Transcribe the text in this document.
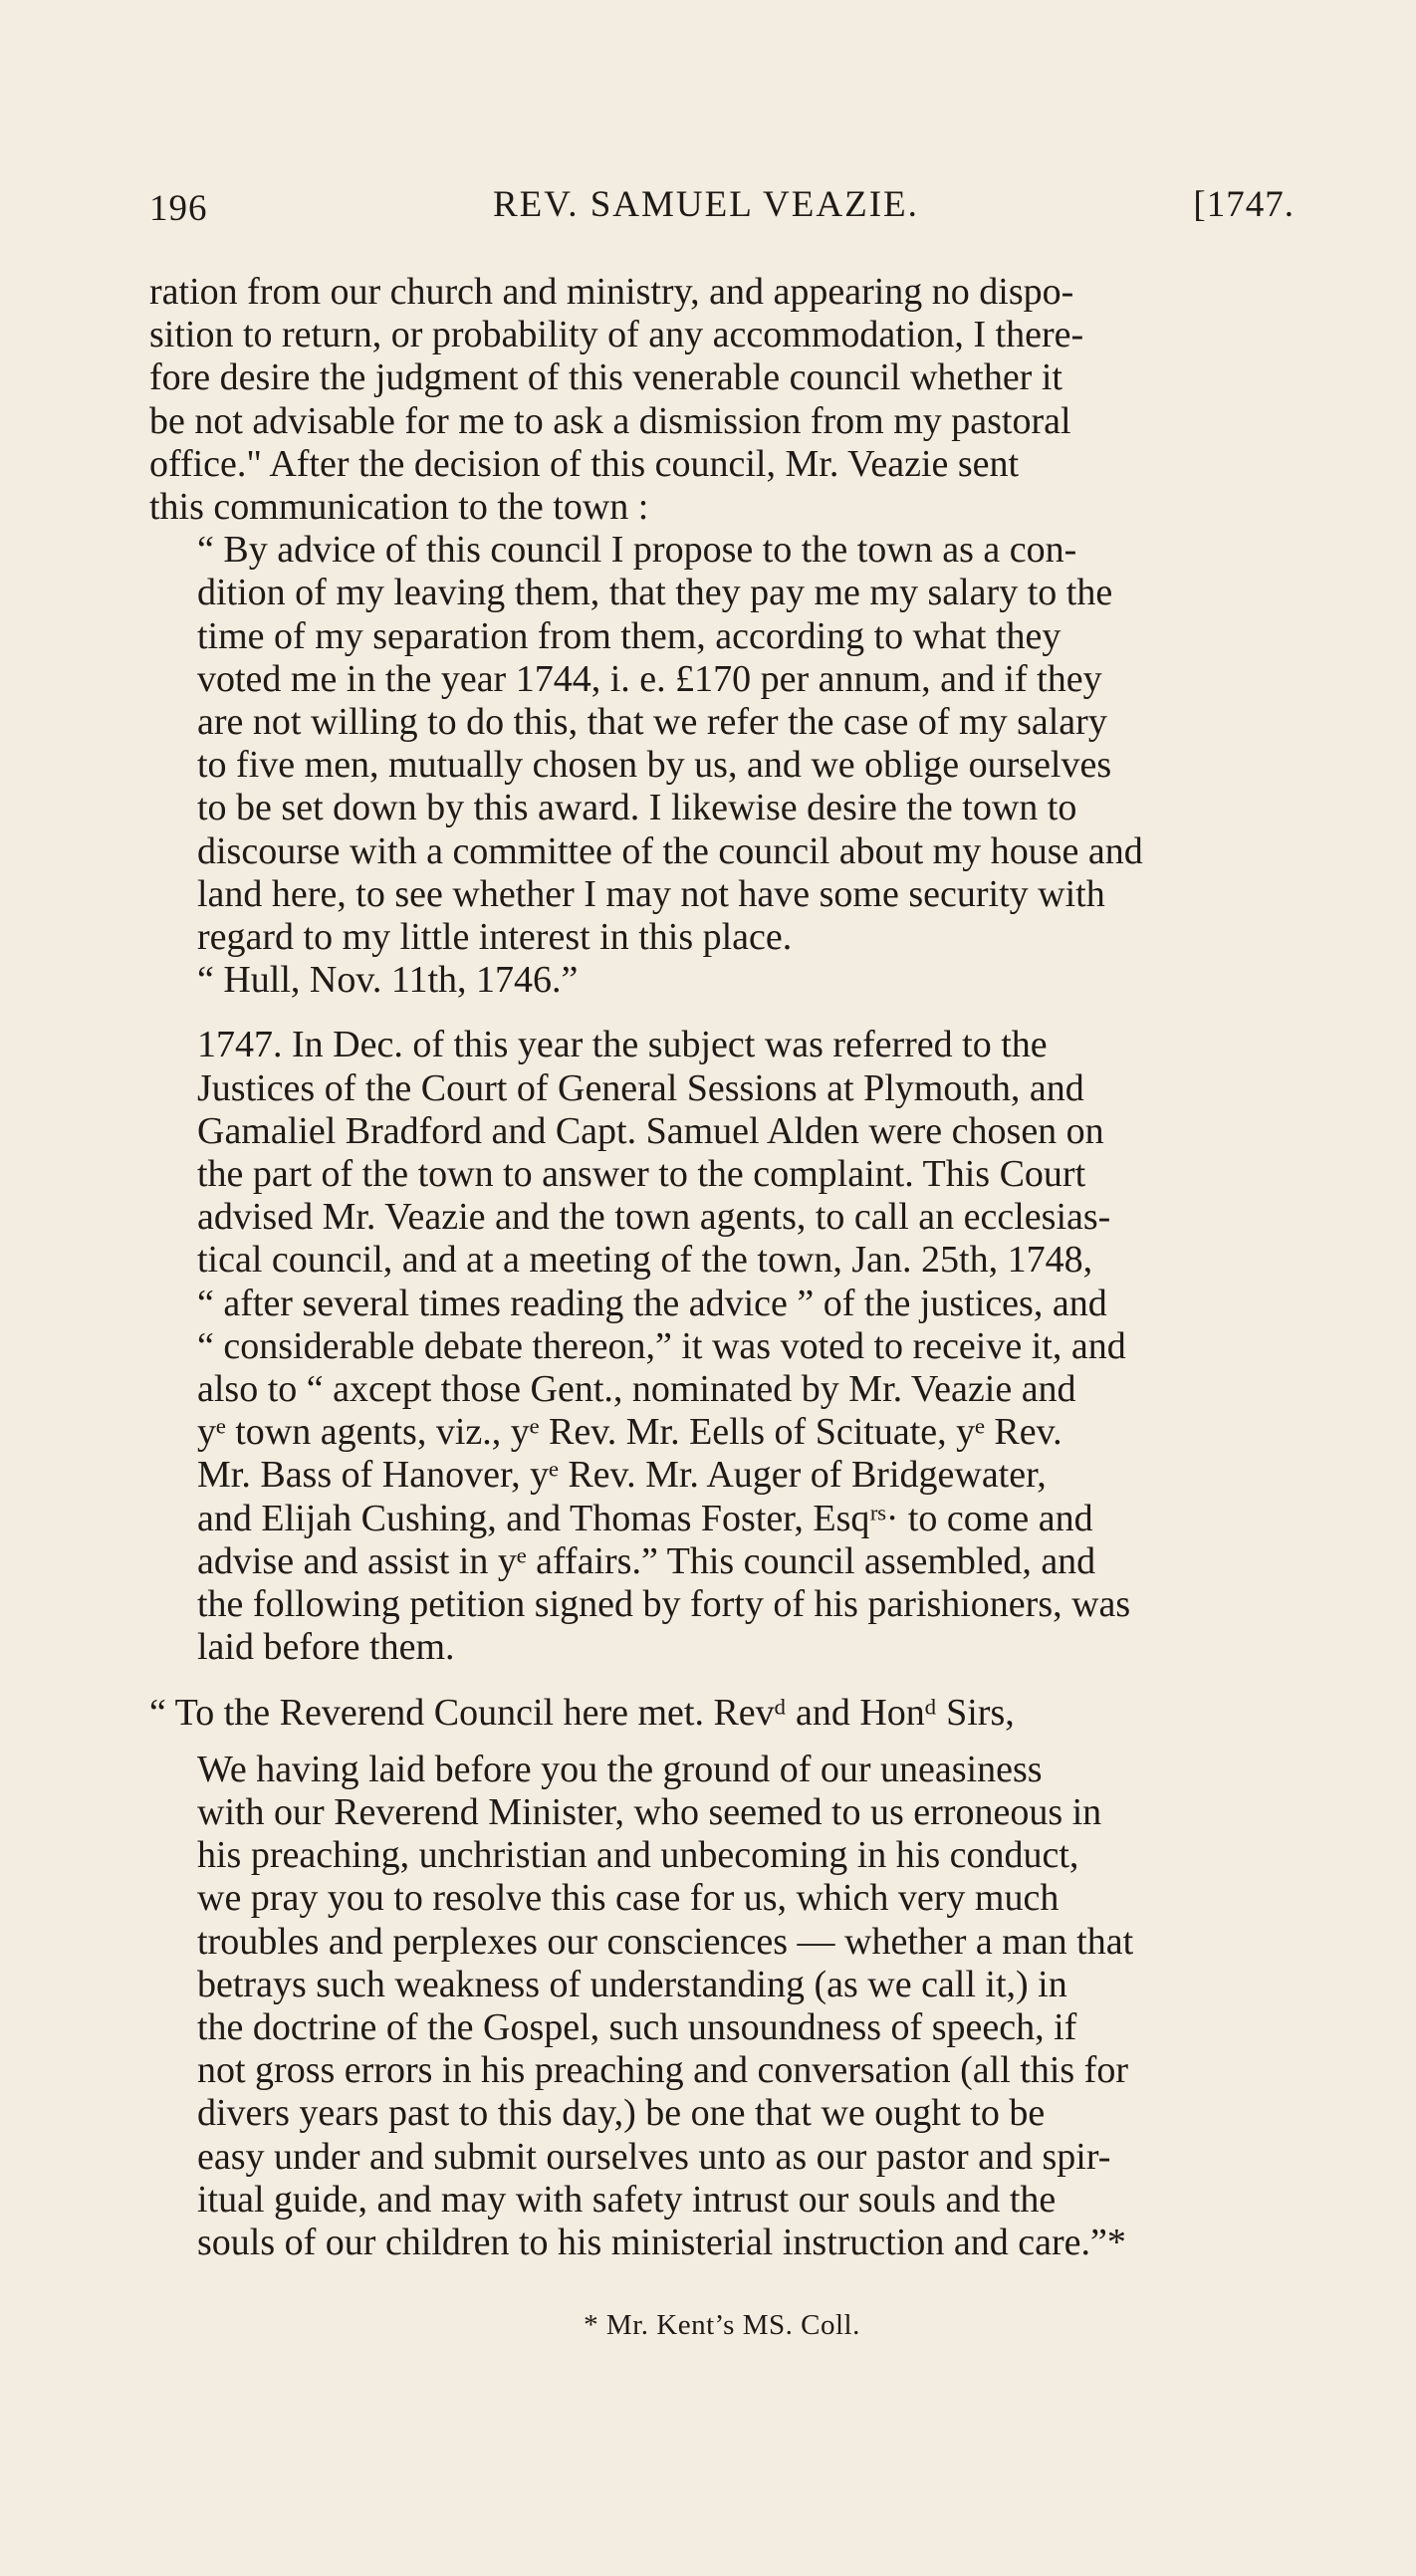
196	REV. SAMUEL VEAZIE.	[1747.

ration from our church and ministry, and appearing no dispo-
sition to return, or probability of any accommodation, I there-
fore desire the judgment of this venerable council whether it
be not advisable for me to ask a dismission from my pastoral
office." After the decision of this council, Mr. Veazie sent
this communication to the town :

“ By advice of this council I propose to the town as a con-
dition of my leaving them, that they pay me my salary to the
time of my separation from them, according to what they
voted me in the year 1744, i. e. £170 per annum, and if they
are not willing to do this, that we refer the case of my salary
to five men, mutually chosen by us, and we oblige ourselves
to be set down by this award. I likewise desire the town to
discourse with a committee of the council about my house and
land here, to see whether I may not have some security with
regard to my little interest in this place.

“ Hull, Nov. 11th, 1746.”

1747. In Dec. of this year the subject was referred to the
Justices of the Court of General Sessions at Plymouth, and
Gamaliel Bradford and Capt. Samuel Alden were chosen on
the part of the town to answer to the complaint. This Court
advised Mr. Veazie and the town agents, to call an ecclesias-
tical council, and at a meeting of the town, Jan. 25th, 1748,
“ after several times reading the advice ” of the justices, and
“ considerable debate thereon,” it was voted to receive it, and
also to “ axcept those Gent., nominated by Mr. Veazie and
yᵉ town agents, viz., yᵉ Rev. Mr. Eells of Scituate, yᵉ Rev.
Mr. Bass of Hanover, yᵉ Rev. Mr. Auger of Bridgewater,
and Elijah Cushing, and Thomas Foster, Esqʳˢ· to come and
advise and assist in yᵉ affairs.” This council assembled, and
the following petition signed by forty of his parishioners, was
laid before them.

“ To the Reverend Council here met. Revᵈ and Honᵈ Sirs,

We having laid before you the ground of our uneasiness
with our Reverend Minister, who seemed to us erroneous in
his preaching, unchristian and unbecoming in his conduct,
we pray you to resolve this case for us, which very much
troubles and perplexes our consciences — whether a man that
betrays such weakness of understanding (as we call it,) in
the doctrine of the Gospel, such unsoundness of speech, if
not gross errors in his preaching and conversation (all this for
divers years past to this day,) be one that we ought to be
easy under and submit ourselves unto as our pastor and spir-
itual guide, and may with safety intrust our souls and the
souls of our children to his ministerial instruction and care.”*

* Mr. Kent’s MS. Coll.
